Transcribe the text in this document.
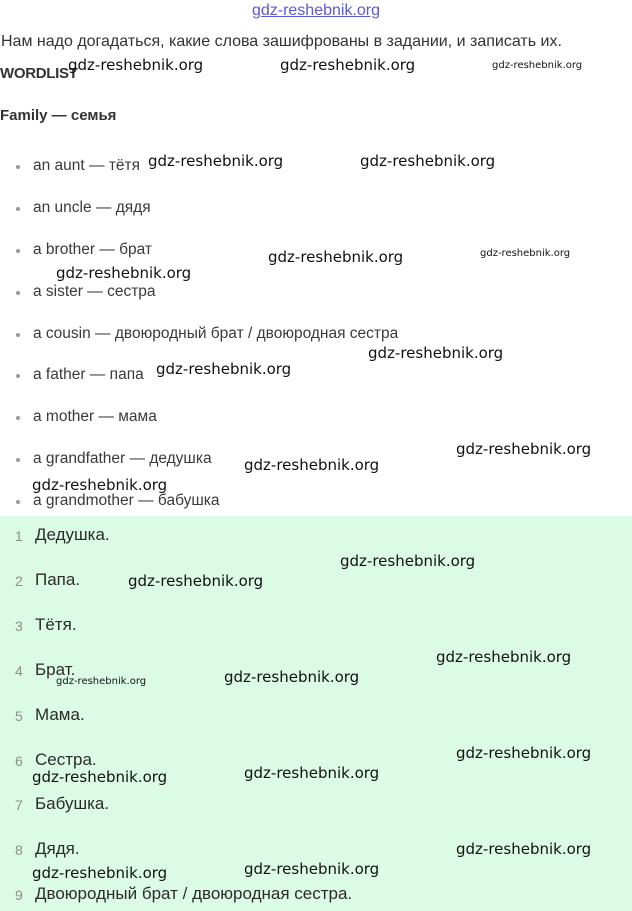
gdz-reshebnik.org
Нам надо догадаться, какие слова зашифрованы в задании, и записать их.
WORDLIST
Family — семья
an aunt — тётя
an uncle — дядя
a brother — брат
a sister — сестра
a cousin — двоюродный брат / двоюродная сестра
a father — папа
a mother — мама
a grandfather — дедушка
a grandmother — бабушка
1 Дедушка.
2 Папа.
3 Тётя.
4 Брат.
5 Мама.
6 Сестра.
7 Бабушка.
8 Дядя.
9 Двоюродный брат / двоюродная сестра.
gdz-reshebnik.org	gdz-reshebnik.org	gdz-reshebnik.org
gdz-reshebnik.org	gdz-reshebnik.org
gdz-reshebnik.org	gdz-reshebnik.org
gdz-reshebnik.org
gdz-reshebnik.org
gdz-reshebnik.org
gdz-reshebnik.org
gdz-reshebnik.org
gdz-reshebnik.org
gdz-reshebnik.org
gdz-reshebnik.org
gdz-reshebnik.org
gdz-reshebnik.org
gdz-reshebnik.org
gdz-reshebnik.org
gdz-reshebnik.org
gdz-reshebnik.org
gdz-reshebnik.org
gdz-reshebnik.org
gdz-reshebnik.org
